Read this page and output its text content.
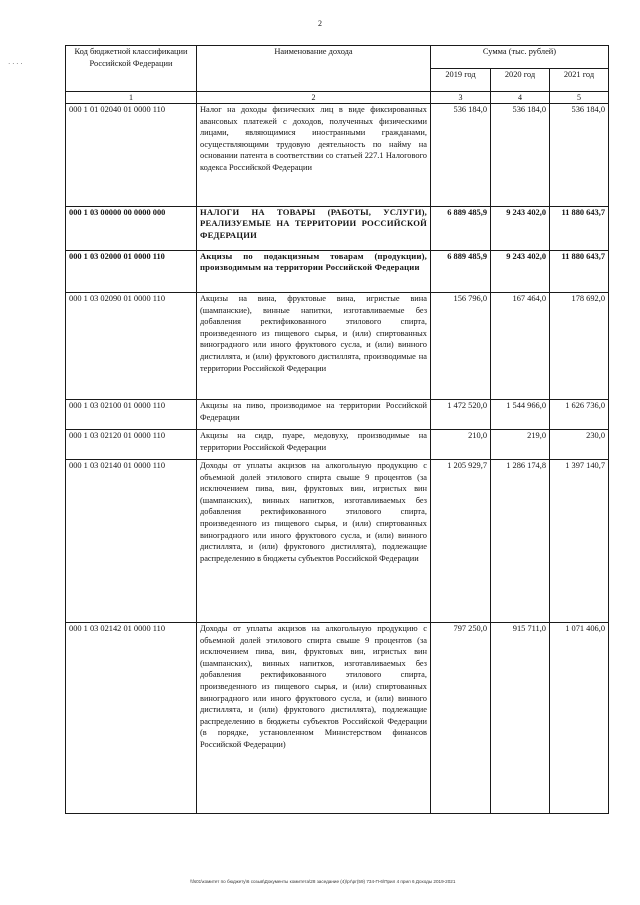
2
· · · ·
Код бюджетной классификации Российской Федерации	Наименование дохода	Сумма (тыс. рублей)		
		2019 год	2020 год	2021 год
1	2	3	4	5
000 1 01 02040 01 0000 110	Налог на доходы физических лиц в виде фиксированных авансовых платежей с доходов, полученных физическими лицами, являющимися иностранными гражданами, осуществляющими трудовую деятельность по найму на основании патента в соответствии со статьей 227.1 Налогового кодекса Российской Федерации	536 184,0	536 184,0	536 184,0
000 1 03 00000 00 0000 000	НАЛОГИ НА ТОВАРЫ (РАБОТЫ, УСЛУГИ), РЕАЛИЗУЕМЫЕ НА ТЕРРИТОРИИ РОССИЙСКОЙ ФЕДЕРАЦИИ	6 889 485,9	9 243 402,0	11 880 643,7
000 1 03 02000 01 0000 110	Акцизы по подакцизным товарам (продукции), производимым на территории Российской Федерации	6 889 485,9	9 243 402,0	11 880 643,7
000 1 03 02090 01 0000 110	Акцизы на вина, фруктовые вина, игристые вина (шампанские), винные напитки, изготавливаемые без добавления ректификованного этилового спирта, произведенного из пищевого сырья, и (или) спиртованных виноградного или иного фруктового сусла, и (или) винного дистиллята, и (или) фруктового дистиллята, производимые на территории Российской Федерации	156 796,0	167 464,0	178 692,0
000 1 03 02100 01 0000 110	Акцизы на пиво, производимое на территории Российской Федерации	1 472 520,0	1 544 966,0	1 626 736,0
000 1 03 02120 01 0000 110	Акцизы на сидр, пуаре, медовуху, производимые на территории Российской Федерации	210,0	219,0	230,0
000 1 03 02140 01 0000 110	Доходы от уплаты акцизов на алкогольную продукцию с объемной долей этилового спирта свыше 9 процентов (за исключением пива, вин, фруктовых вин, игристых вин (шампанских), винных напитков, изготавливаемых без добавления ректификованного этилового спирта, произведенного из пищевого сырья, и (или) спиртованных виноградного или иного фруктового сусла, и (или) винного дистиллята, и (или) фруктового дистиллята), подлежащие распределению в бюджеты субъектов Российской Федерации	1 205 929,7	1 286 174,8	1 397 140,7
000 1 03 02142 01 0000 110	Доходы от уплаты акцизов на алкогольную продукцию с объемной долей этилового спирта свыше 9 процентов (за исключением пива, вин, фруктовых вин, игристых вин (шампанских), винных напитков, изготавливаемых без добавления ректификованного этилового спирта, произведенного из пищевого сырья, и (или) спиртованных виноградного или иного фруктового сусла, и (или) винного дистиллята, и (или) фруктового дистиллята), подлежащие распределению в бюджеты субъектов Российской Федерации (в порядке, установленном Министерством финансов Российской Федерации)	797 250,0	915 711,0	1 071 406,0
\\fs01\комитет по бюджету\6 созыв\Документы комитета\28 заседание (4)\рг\рг(59) 734-П-6\Прил 4 прил 6 Доходы 2019-2021
